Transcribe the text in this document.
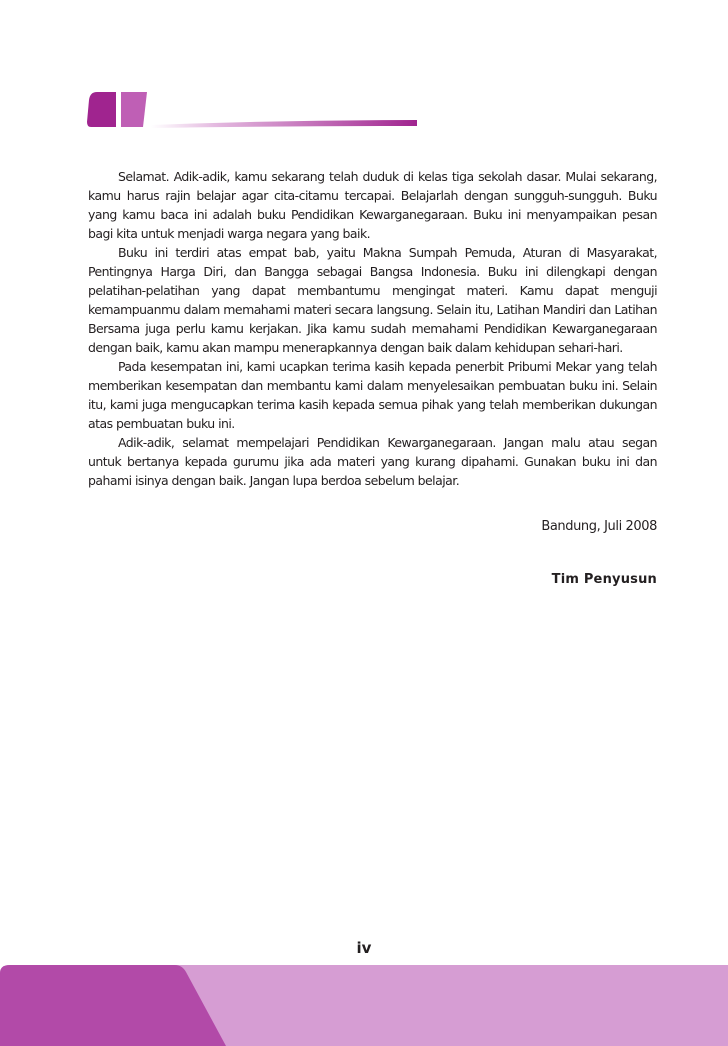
Selamat. Adik-adik, kamu sekarang telah duduk di kelas tiga sekolah dasar. Mulai sekarang, kamu harus rajin belajar agar cita-citamu tercapai. Belajarlah dengan sungguh-sungguh. Buku yang kamu baca ini adalah buku Pendidikan Kewarganegaraan. Buku ini menyampaikan pesan bagi kita untuk menjadi warga negara yang baik.

Buku ini terdiri atas empat bab, yaitu Makna Sumpah Pemuda, Aturan di Masyarakat, Pentingnya Harga Diri, dan Bangga sebagai Bangsa Indonesia. Buku ini dilengkapi dengan pelatihan-pelatihan yang dapat membantumu mengingat materi. Kamu dapat menguji kemampuanmu dalam memahami materi secara langsung. Selain itu, Latihan Mandiri dan Latihan Bersama juga perlu kamu kerjakan. Jika kamu sudah memahami Pendidikan Kewarganegaraan dengan baik, kamu akan mampu menerapkannya dengan baik dalam kehidupan sehari-hari.

Pada kesempatan ini, kami ucapkan terima kasih kepada penerbit Pribumi Mekar yang telah memberikan kesempatan dan membantu kami dalam menyelesaikan pembuatan buku ini. Selain itu, kami juga mengucapkan terima kasih kepada semua pihak yang telah memberikan dukungan atas pembuatan buku ini.

Adik-adik, selamat mempelajari Pendidikan Kewarganegaraan. Jangan malu atau segan untuk bertanya kepada gurumu jika ada materi yang kurang dipahami. Gunakan buku ini dan pahami isinya dengan baik. Jangan lupa berdoa sebelum belajar.

Bandung, Juli 2008
Tim Penyusun
iv
